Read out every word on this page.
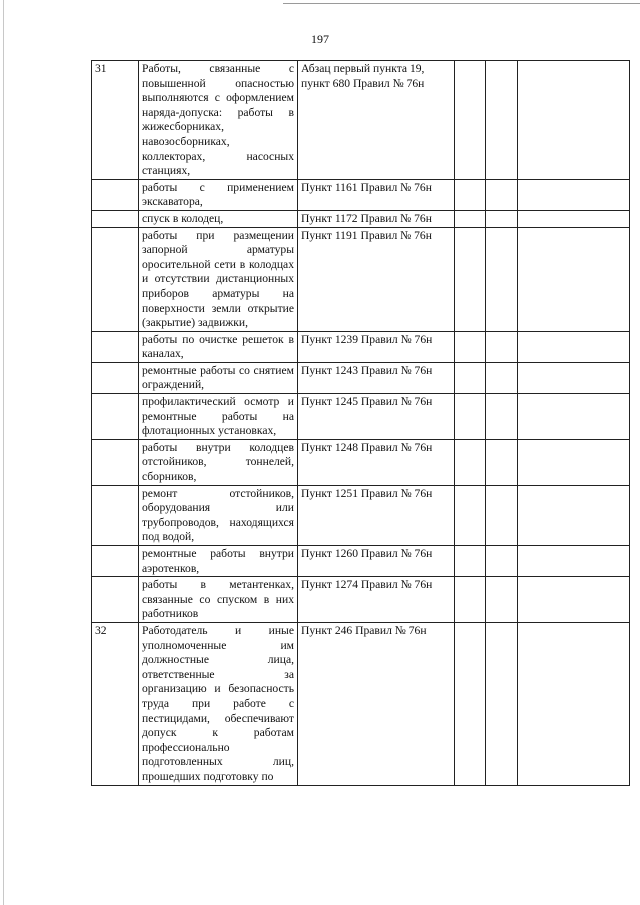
197
31	Работы, связанные с повышенной опасностью выполняются с оформлением наряда-допуска: работы в жижесборниках, навозосборниках, коллекторах, насосных станциях,	Абзац первый пункта 19, пункт 680 Правил № 76н			
	работы с применением экскаватора,	Пункт 1161 Правил № 76н			
	спуск в колодец,	Пункт 1172 Правил № 76н			
	работы при размещении запорной арматуры оросительной сети в колодцах и отсутствии дистанционных приборов арматуры на поверхности земли открытие (закрытие) задвижки,	Пункт 1191 Правил № 76н			
	работы по очистке решеток в каналах,	Пункт 1239 Правил № 76н			
	ремонтные работы со снятием ограждений,	Пункт 1243 Правил № 76н			
	профилактический осмотр и ремонтные работы на флотационных установках,	Пункт 1245 Правил № 76н			
	работы внутри колодцев отстойников, тоннелей, сборников,	Пункт 1248 Правил № 76н			
	ремонт отстойников, оборудования или трубопроводов, находящихся под водой,	Пункт 1251 Правил № 76н			
	ремонтные работы внутри аэротенков,	Пункт 1260 Правил № 76н			
	работы в метантенках, связанные со спуском в них работников	Пункт 1274 Правил № 76н			
32	Работодатель и иные уполномоченные им должностные лица, ответственные за организацию и безопасность труда при работе с пестицидами, обеспечивают допуск к работам профессионально подготовленных лиц, прошедших подготовку по	Пункт 246 Правил № 76н			
